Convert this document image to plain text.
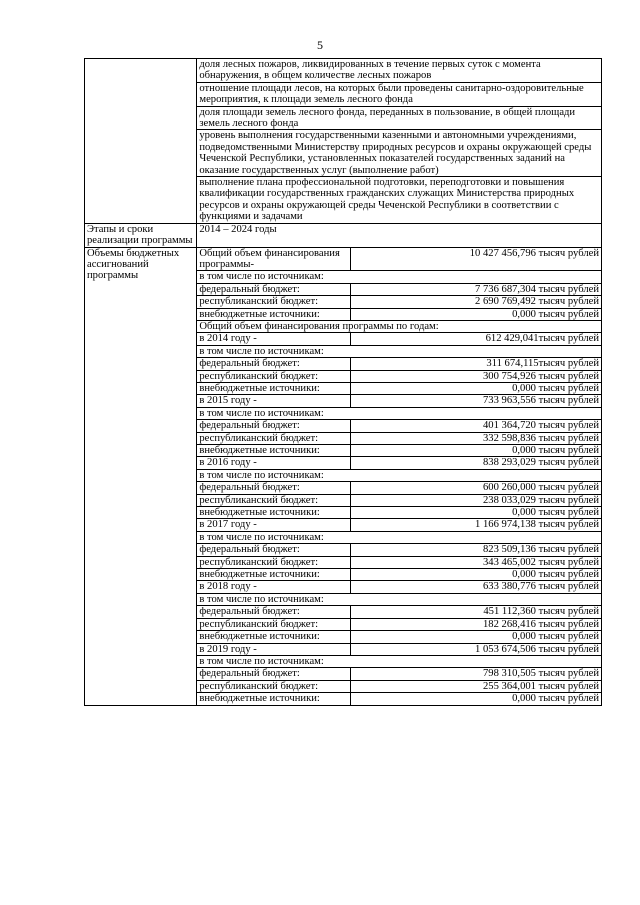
5
	доля лесных пожаров, ликвидированных в течение первых суток с момента обнаружения, в общем количестве лесных пожаров	
	отношение площади лесов, на которых были проведены санитарно-оздоровительные мероприятия, к площади земель лесного фонда	
	доля площади земель лесного фонда, переданных в пользование, в общей площади земель лесного фонда	
	уровень выполнения государственными казенными и автономными учреждениями, подведомственными Министерству природных ресурсов и охраны окружающей среды Чеченской Республики, установленных показателей государственных заданий на оказание государственных услуг (выполнение работ)	
	выполнение плана профессиональной подготовки, переподготовки и повышения квалификации государственных гражданских служащих Министерства природных ресурсов и охраны окружающей среды Чеченской Республики в соответствии с функциями и задачами	
Этапы и сроки реализации программы	2014 – 2024 годы	
Объемы бюджетных ассигнований программы	Общий объем финансирования программы-	10 427 456,796 тысяч рублей
	в том числе по источникам:	
	федеральный бюджет:	7 736 687,304 тысяч рублей
	республиканский бюджет:	2 690 769,492 тысяч рублей
	внебюджетные источники:	0,000 тысяч рублей
	Общий объем финансирования программы по годам:	
	в 2014 году -	612 429,041тысяч рублей
	в том числе по источникам:	
	федеральный бюджет:	311 674,115тысяч рублей
	республиканский бюджет:	300 754,926 тысяч рублей
	внебюджетные источники:	0,000 тысяч рублей
	в 2015 году -	733 963,556 тысяч рублей
	в том числе по источникам:	
	федеральный бюджет:	401 364,720 тысяч рублей
	республиканский бюджет:	332 598,836 тысяч рублей
	внебюджетные источники:	0,000 тысяч рублей
	в 2016 году -	838 293,029 тысяч рублей
	в том числе по источникам:	
	федеральный бюджет:	600 260,000 тысяч рублей
	республиканский бюджет:	238 033,029 тысяч рублей
	внебюджетные источники:	0,000 тысяч рублей
	в 2017 году -	1 166 974,138 тысяч рублей
	в том числе по источникам:	
	федеральный бюджет:	823 509,136 тысяч рублей
	республиканский бюджет:	343 465,002 тысяч рублей
	внебюджетные источники:	0,000 тысяч рублей
	в 2018 году -	633 380,776 тысяч рублей
	в том числе по источникам:	
	федеральный бюджет:	451 112,360 тысяч рублей
	республиканский бюджет:	182 268,416 тысяч рублей
	внебюджетные источники:	0,000 тысяч рублей
	в 2019 году -	1 053 674,506 тысяч рублей
	в том числе по источникам:	
	федеральный бюджет:	798 310,505 тысяч рублей
	республиканский бюджет:	255 364,001 тысяч рублей
	внебюджетные источники:	0,000 тысяч рублей
